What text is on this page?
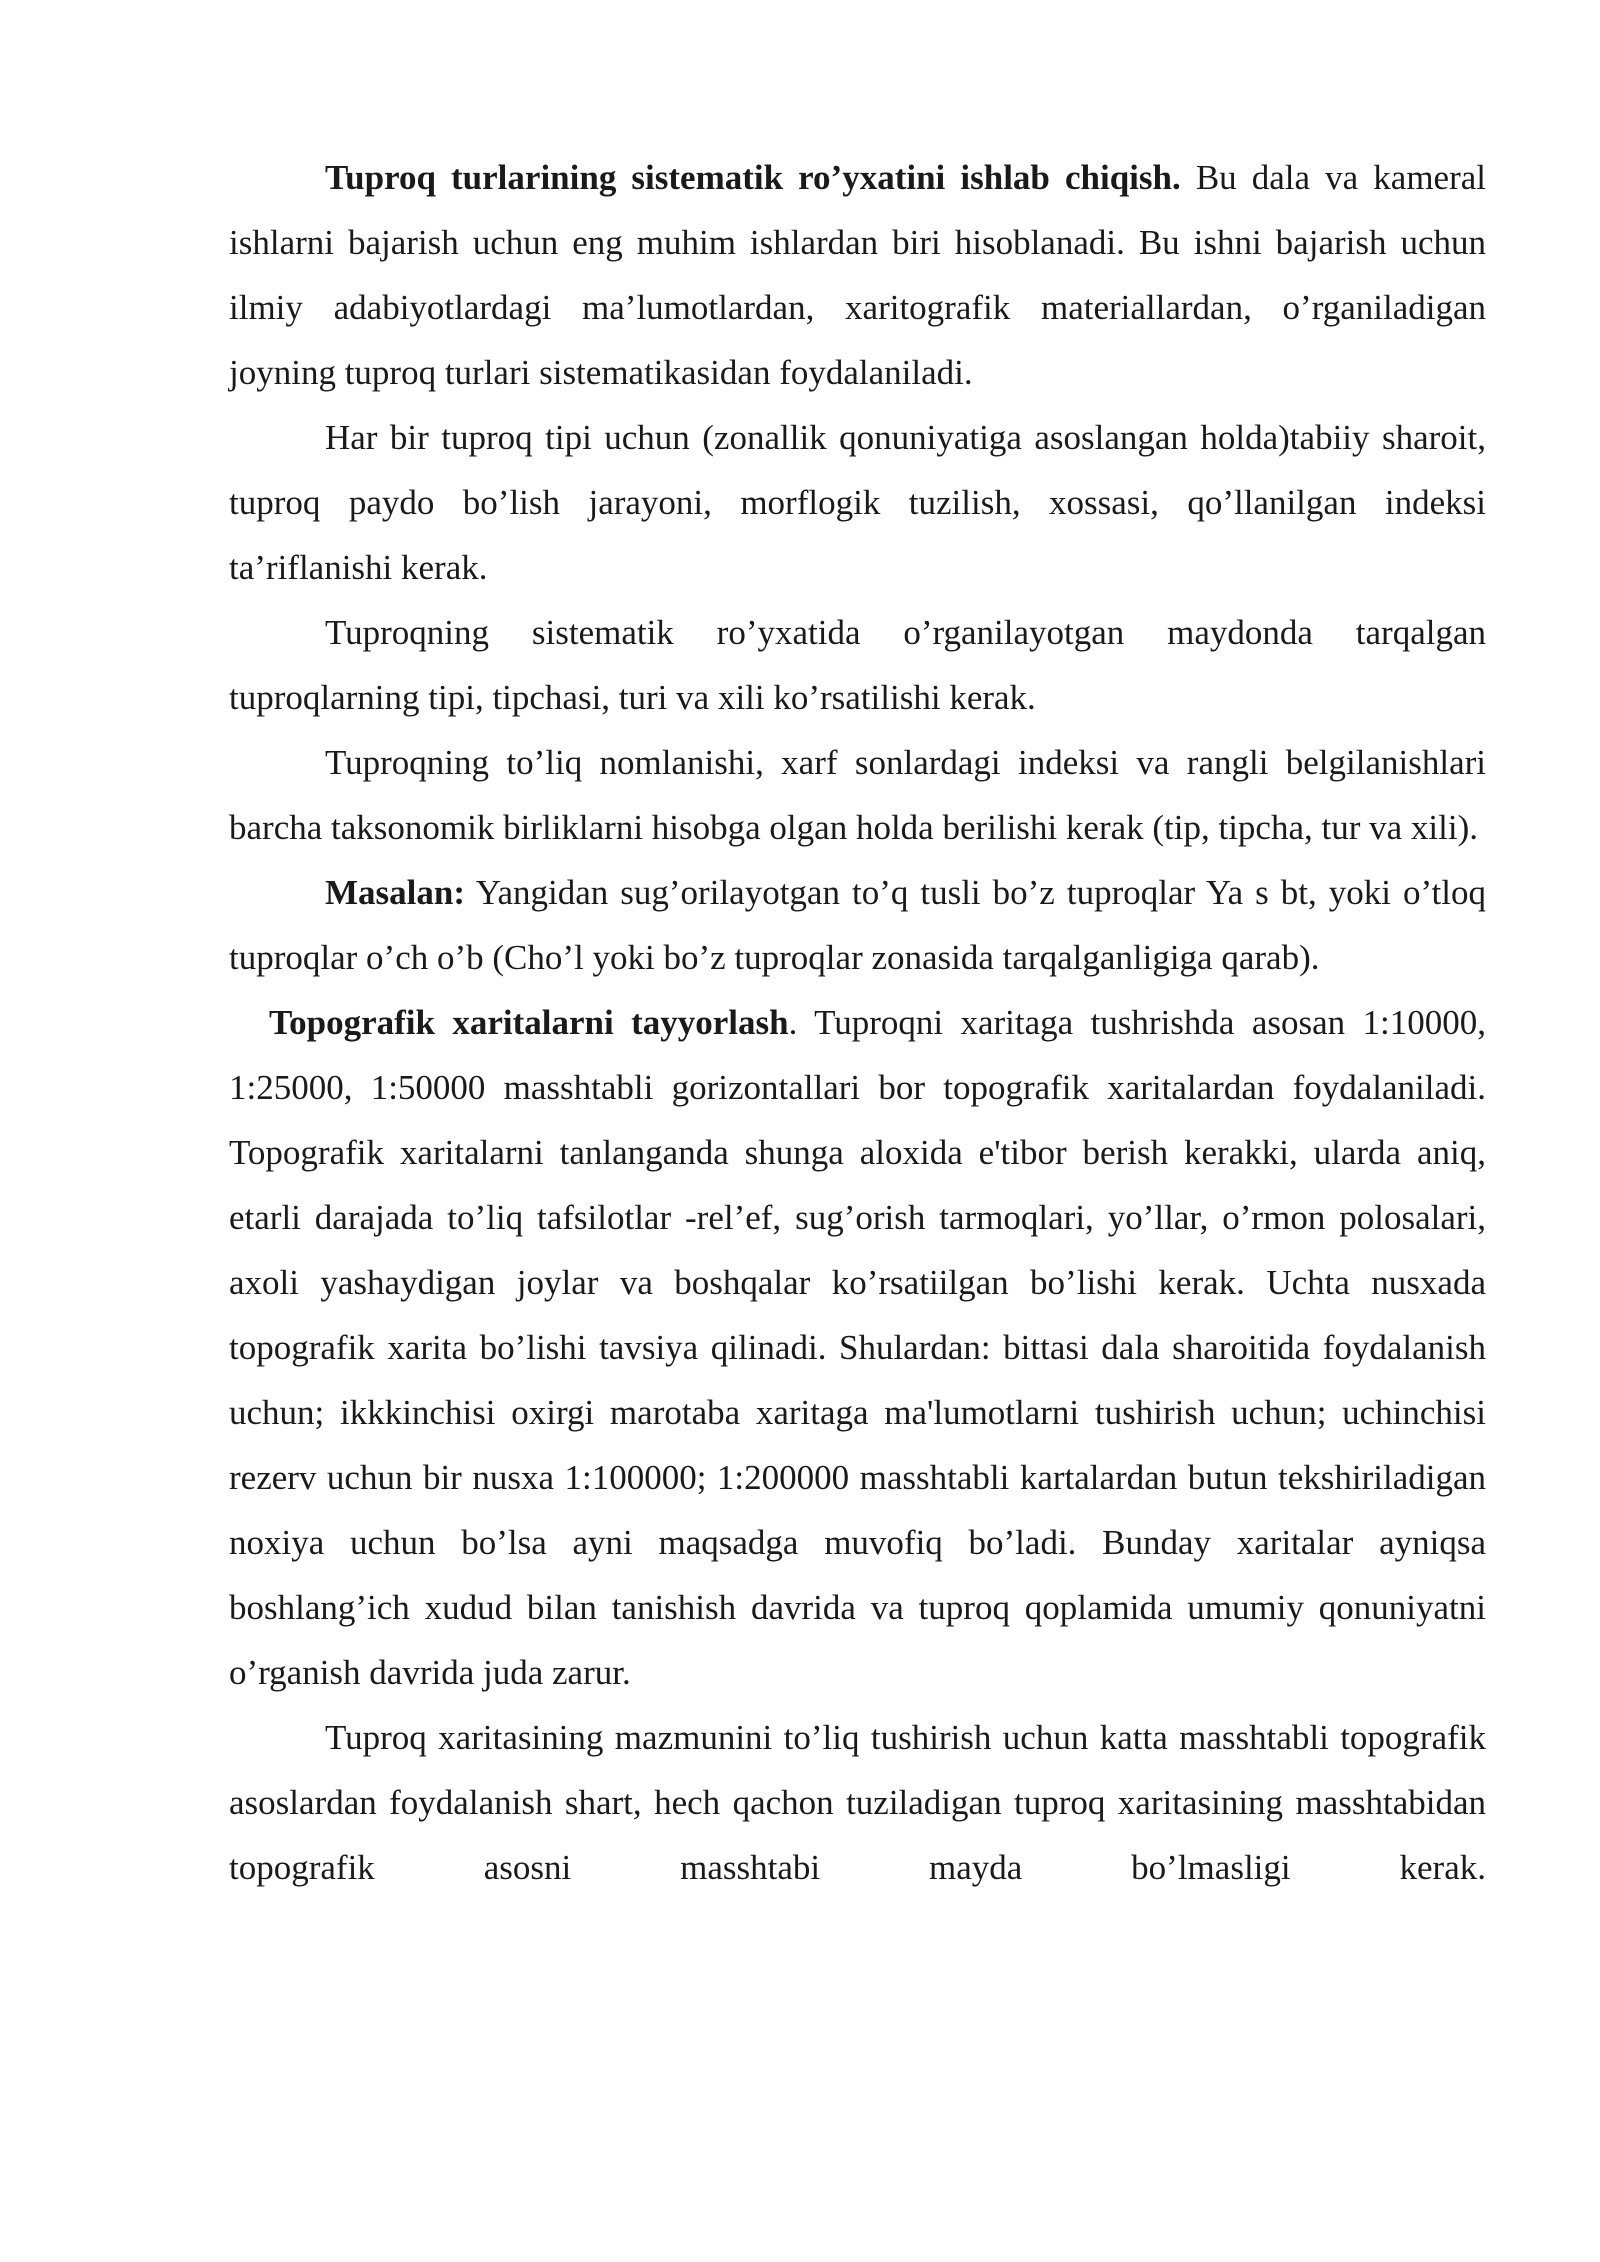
Tuproq turlarining sistematik ro’yxatini ishlab chiqish. Bu dala va kameral ishlarni bajarish uchun eng muhim ishlardan biri hisoblanadi. Bu ishni bajarish uchun ilmiy adabiyotlardagi ma’lumotlardan, xaritografik materiallardan, o’rganiladigan joyning tuproq turlari sistematikasidan foydalaniladi.

Har bir tuproq tipi uchun (zonallik qonuniyatiga asoslangan holda)tabiiy sharoit, tuproq paydo bo’lish jarayoni, morflogik tuzilish, xossasi, qo’llanilgan indeksi ta’riflanishi kerak.

Tuproqning sistematik ro’yxatida o’rganilayotgan maydonda tarqalgan tuproqlarning tipi, tipchasi, turi va xili ko’rsatilishi kerak.

Tuproqning to’liq nomlanishi, xarf sonlardagi indeksi va rangli belgilanishlari barcha taksonomik birliklarni hisobga olgan holda berilishi kerak (tip, tipcha, tur va xili).

Masalan: Yangidan sug’orilayotgan to’q tusli bo’z tuproqlar Ya s bt, yoki o’tloq tuproqlar o’ch o’b (Cho’l yoki bo’z tuproqlar zonasida tarqalganligiga qarab).

Topografik xaritalarni tayyorlash. Tuproqni xaritaga tushrishda asosan 1:10000, 1:25000, 1:50000 masshtabli gorizontallari bor topografik xaritalardan foydalaniladi. Topografik xaritalarni tanlanganda shunga aloxida e'tibor berish kerakki, ularda aniq, etarli darajada to’liq tafsilotlar -rel’ef, sug’orish tarmoqlari, yo’llar, o’rmon polosalari, axoli yashaydigan joylar va boshqalar ko’rsatiilgan bo’lishi kerak. Uchta nusxada topografik xarita bo’lishi tavsiya qilinadi. Shulardan: bittasi dala sharoitida foydalanish uchun; ikkkinchisi oxirgi marotaba xaritaga ma'lumotlarni tushirish uchun; uchinchisi rezerv uchun bir nusxa 1:100000; 1:200000 masshtabli kartalardan butun tekshiriladigan noxiya uchun bo’lsa ayni maqsadga muvofiq bo’ladi. Bunday xaritalar ayniqsa boshlang’ich xudud bilan tanishish davrida va tuproq qoplamida umumiy qonuniyatni o’rganish davrida juda zarur.

Tuproq xaritasining mazmunini to’liq tushirish uchun katta masshtabli topografik asoslardan foydalanish shart, hech qachon tuziladigan tuproq xaritasining masshtabidan topografik asosni masshtabi mayda bo’lmasligi kerak.
